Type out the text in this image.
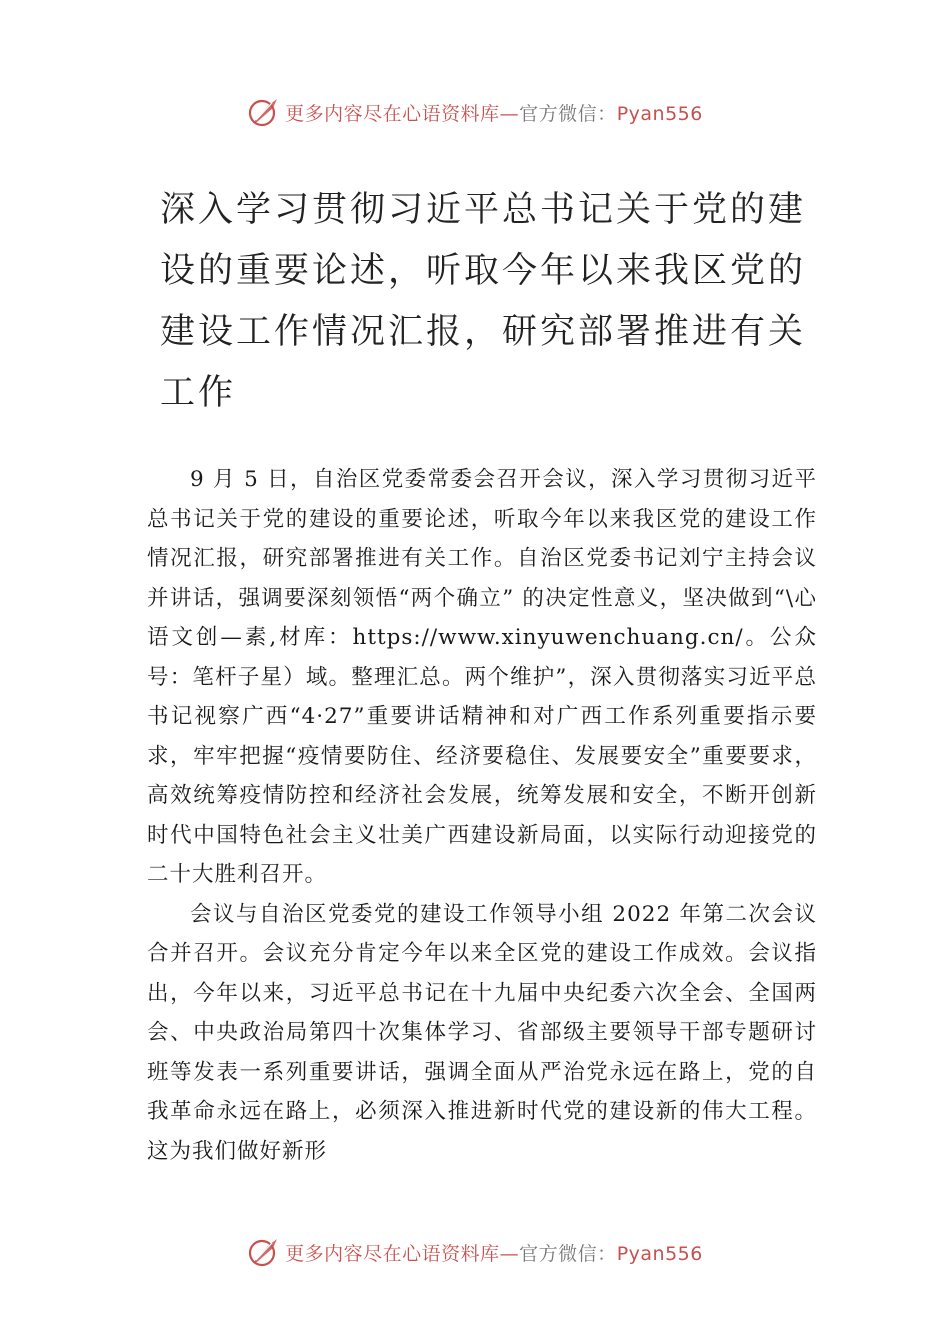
更多内容尽在心语资料库—官方微信：Pyan556
深入学习贯彻习近平总书记关于党的建设的重要论述，听取今年以来我区党的建设工作情况汇报，研究部署推进有关工作

9 月 5 日，自治区党委常委会召开会议，深入学习贯彻习近平总书记关于党的建设的重要论述，听取今年以来我区党的建设工作情况汇报，研究部署推进有关工作。自治区党委书记刘宁主持会议并讲话，强调要深刻领悟“两个确立” 的决定性意义，坚决做到“\心语文创—素,材库：https://www.xinyuwenchuang.cn/。公众号：笔杆子星）域。整理汇总。两个维护”，深入贯彻落实习近平总书记视察广西“4·27”重要讲话精神和对广西工作系列重要指示要求，牢牢把握“疫情要防住、经济要稳住、发展要安全”重要要求，高效统筹疫情防控和经济社会发展，统筹发展和安全，不断开创新时代中国特色社会主义壮美广西建设新局面，以实际行动迎接党的二十大胜利召开。

会议与自治区党委党的建设工作领导小组 2022 年第二次会议合并召开。会议充分肯定今年以来全区党的建设工作成效。会议指出，今年以来，习近平总书记在十九届中央纪委六次全会、全国两会、中央政治局第四十次集体学习、省部级主要领导干部专题研讨班等发表一系列重要讲话，强调全面从严治党永远在路上，党的自我革命永远在路上，必须深入推进新时代党的建设新的伟大工程。这为我们做好新形

更多内容尽在心语资料库—官方微信：Pyan556
